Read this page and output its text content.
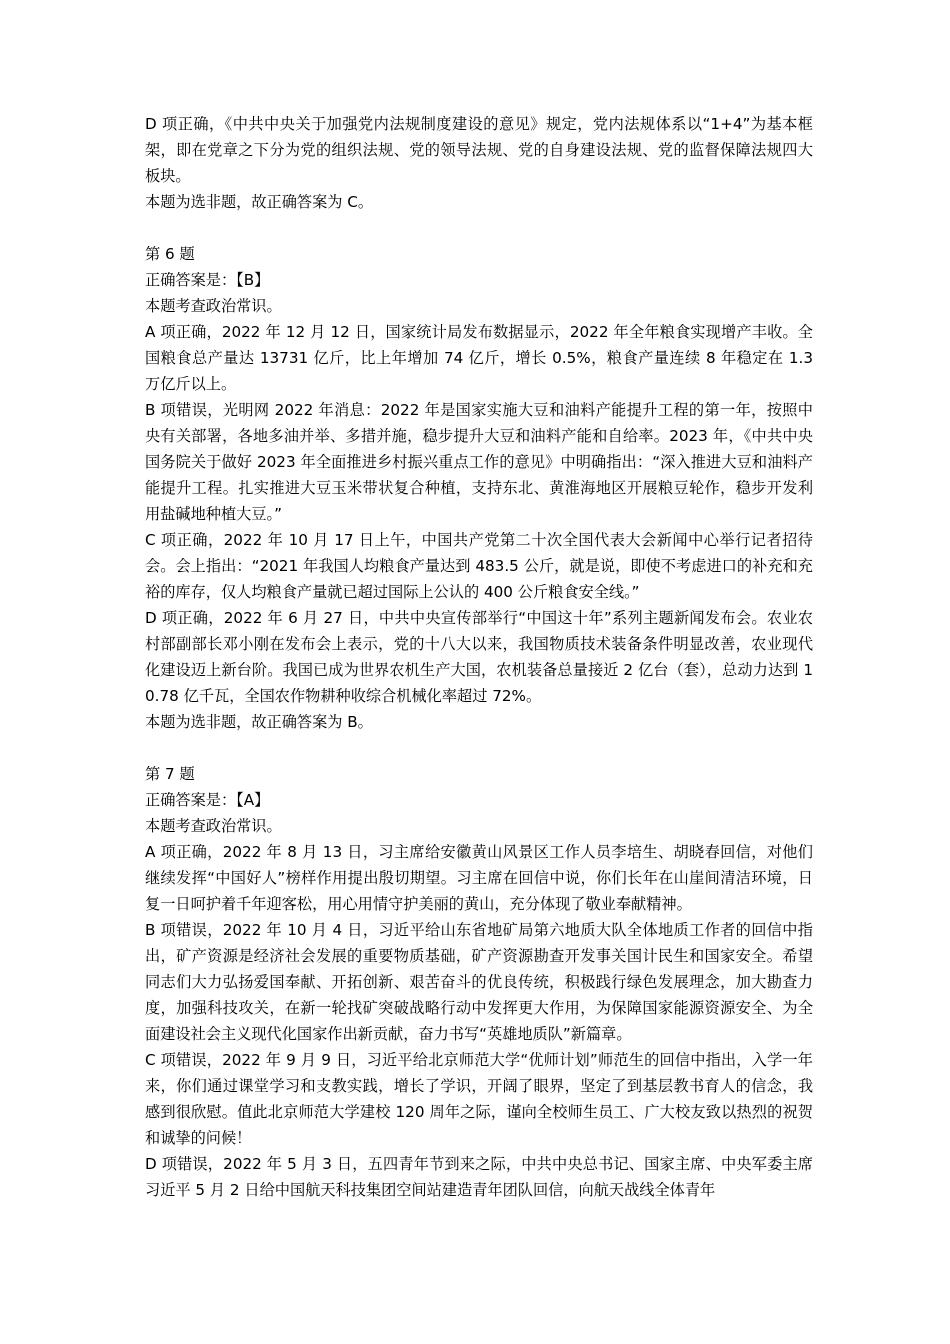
D 项正确，《中共中央关于加强党内法规制度建设的意见》规定，党内法规体系以“1+4”为基本框架，即在党章之下分为党的组织法规、党的领导法规、党的自身建设法规、党的监督保障法规四大板块。

本题为选非题，故正确答案为 C。

第 6 题

正确答案是：【B】

本题考查政治常识。

A 项正确，2022 年 12 月 12 日，国家统计局发布数据显示，2022 年全年粮食实现增产丰收。全国粮食总产量达 13731 亿斤，比上年增加 74 亿斤，增长 0.5%，粮食产量连续 8 年稳定在 1.3 万亿斤以上。

B 项错误，光明网 2022 年消息：2022 年是国家实施大豆和油料产能提升工程的第一年，按照中央有关部署，各地多油并举、多措并施，稳步提升大豆和油料产能和自给率。2023 年，《中共中央 国务院关于做好 2023 年全面推进乡村振兴重点工作的意见》中明确指出：“深入推进大豆和油料产能提升工程。扎实推进大豆玉米带状复合种植，支持东北、黄淮海地区开展粮豆轮作，稳步开发利用盐碱地种植大豆。”

C 项正确，2022 年 10 月 17 日上午，中国共产党第二十次全国代表大会新闻中心举行记者招待会。会上指出：“2021 年我国人均粮食产量达到 483.5 公斤，就是说，即使不考虑进口的补充和充裕的库存，仅人均粮食产量就已超过国际上公认的 400 公斤粮食安全线。”

D 项正确，2022 年 6 月 27 日，中共中央宣传部举行“中国这十年”系列主题新闻发布会。农业农村部副部长邓小刚在发布会上表示，党的十八大以来，我国物质技术装备条件明显改善，农业现代化建设迈上新台阶。我国已成为世界农机生产大国，农机装备总量接近 2 亿台（套），总动力达到 10.78 亿千瓦，全国农作物耕种收综合机械化率超过 72%。

本题为选非题，故正确答案为 B。

第 7 题

正确答案是：【A】

本题考查政治常识。

A 项正确，2022 年 8 月 13 日，习主席给安徽黄山风景区工作人员李培生、胡晓春回信，对他们继续发挥“中国好人”榜样作用提出殷切期望。习主席在回信中说，你们长年在山崖间清洁环境，日复一日呵护着千年迎客松，用心用情守护美丽的黄山，充分体现了敬业奉献精神。

B 项错误，2022 年 10 月 4 日，习近平给山东省地矿局第六地质大队全体地质工作者的回信中指出，矿产资源是经济社会发展的重要物质基础，矿产资源勘查开发事关国计民生和国家安全。希望同志们大力弘扬爱国奉献、开拓创新、艰苦奋斗的优良传统，积极践行绿色发展理念，加大勘查力度，加强科技攻关，在新一轮找矿突破战略行动中发挥更大作用，为保障国家能源资源安全、为全面建设社会主义现代化国家作出新贡献，奋力书写“英雄地质队”新篇章。

C 项错误，2022 年 9 月 9 日，习近平给北京师范大学“优师计划”师范生的回信中指出，入学一年来，你们通过课堂学习和支教实践，增长了学识，开阔了眼界，坚定了到基层教书育人的信念，我感到很欣慰。值此北京师范大学建校 120 周年之际，谨向全校师生员工、广大校友致以热烈的祝贺和诚挚的问候！

D 项错误，2022 年 5 月 3 日，五四青年节到来之际，中共中央总书记、国家主席、中央军委主席习近平 5 月 2 日给中国航天科技集团空间站建造青年团队回信，向航天战线全体青年
